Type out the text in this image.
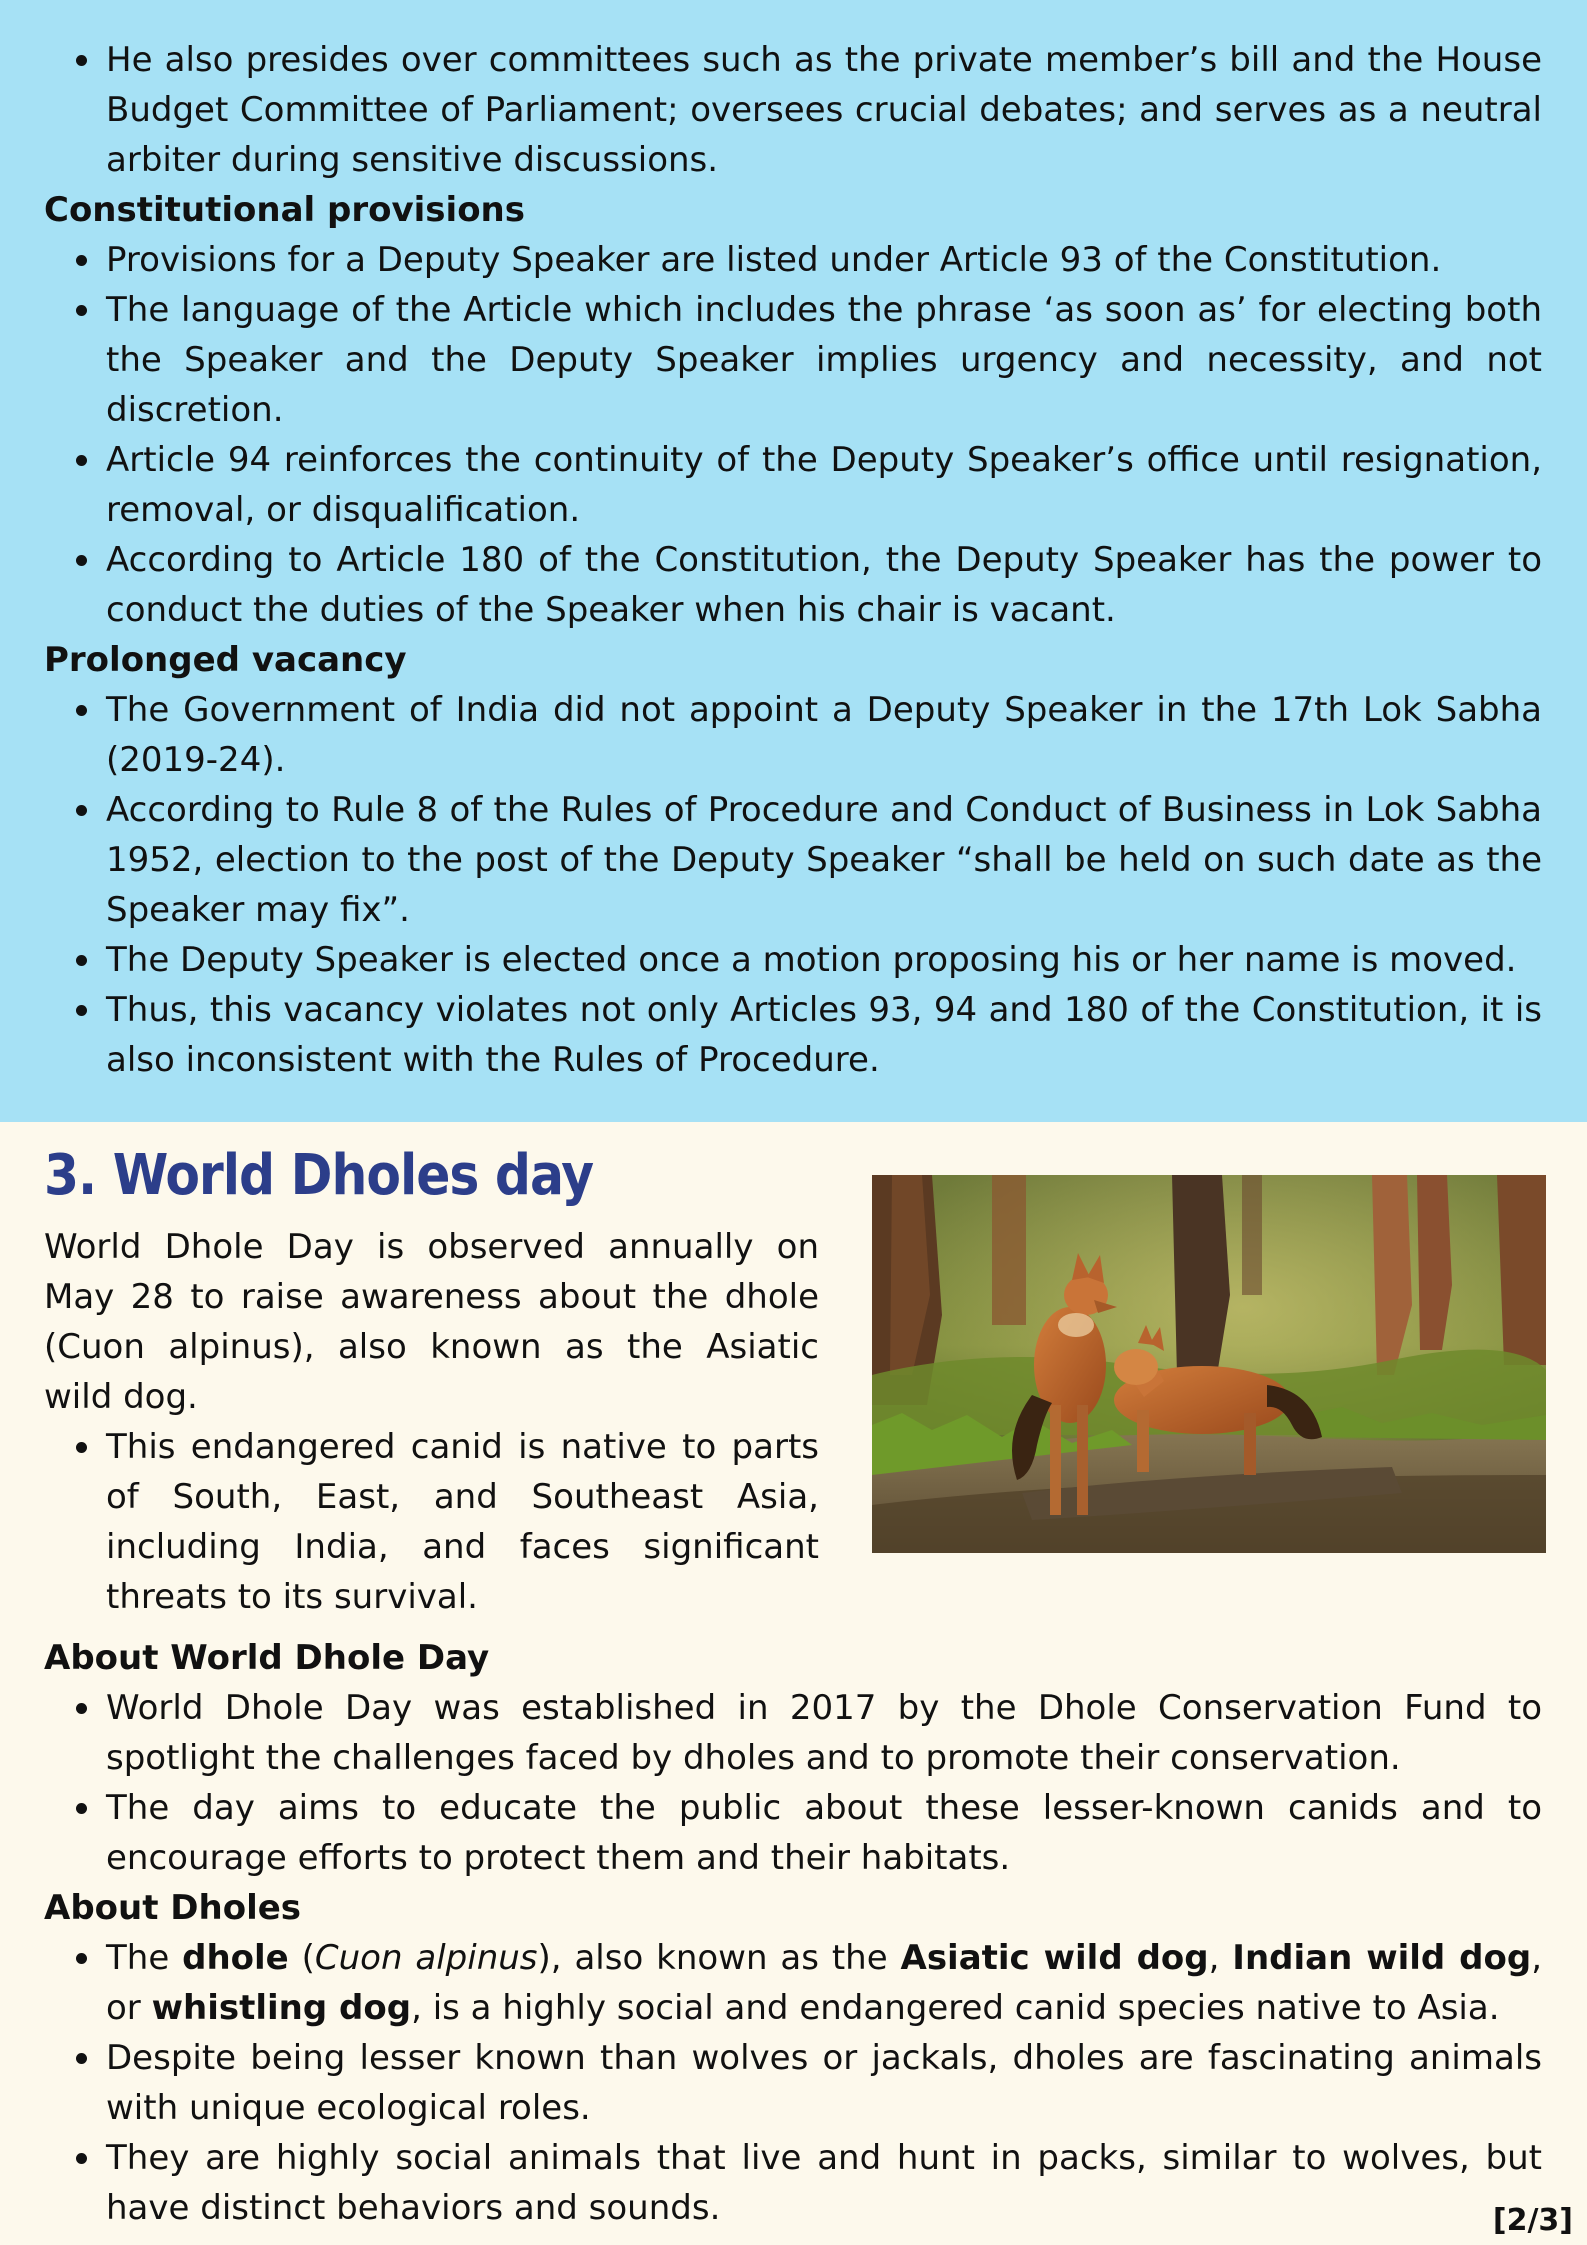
He also presides over committees such as the private member’s bill and the House Budget Committee of Parliament; oversees crucial debates; and serves as a neutral arbiter during sensitive discussions.
Constitutional provisions
Provisions for a Deputy Speaker are listed under Article 93 of the Constitution.
The language of the Article which includes the phrase ‘as soon as’ for electing both the Speaker and the Deputy Speaker implies urgency and necessity, and not discretion.
Article 94 reinforces the continuity of the Deputy Speaker’s office until resignation, removal, or disqualification.
According to Article 180 of the Constitution, the Deputy Speaker has the power to conduct the duties of the Speaker when his chair is vacant.
Prolonged vacancy
The Government of India did not appoint a Deputy Speaker in the 17th Lok Sabha (2019-24).
According to Rule 8 of the Rules of Procedure and Conduct of Business in Lok Sabha 1952, election to the post of the Deputy Speaker “shall be held on such date as the Speaker may fix”.
The Deputy Speaker is elected once a motion proposing his or her name is moved.
Thus, this vacancy violates not only Articles 93, 94 and 180 of the Constitution, it is also inconsistent with the Rules of Procedure.
3. World Dholes day

World Dhole Day is observed annually on May 28 to raise awareness about the dhole (Cuon alpinus), also known as the Asiatic wild dog.

This endangered canid is native to parts of South, East, and Southeast Asia, including India, and faces significant threats to its survival.
About World Dhole Day
World Dhole Day was established in 2017 by the Dhole Conservation Fund to spotlight the challenges faced by dholes and to promote their conservation.
The day aims to educate the public about these lesser-known canids and to encourage efforts to protect them and their habitats.
About Dholes
The dhole (Cuon alpinus), also known as the Asiatic wild dog, Indian wild dog, or whistling dog, is a highly social and endangered canid species native to Asia.
Despite being lesser known than wolves or jackals, dholes are fascinating animals with unique ecological roles.
They are highly social animals that live and hunt in packs, similar to wolves, but have distinct behaviors and sounds.	[2/3]
